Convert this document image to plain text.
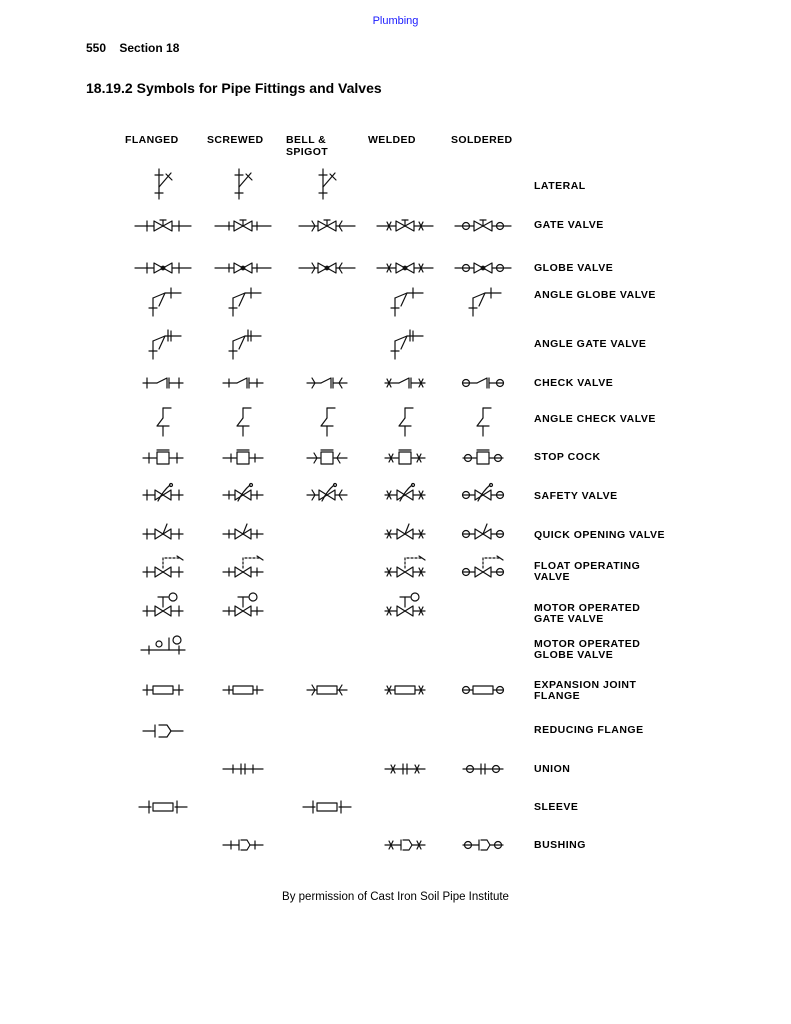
Plumbing
550 Section 18
18.19.2 Symbols for Pipe Fittings and Valves
FLANGED	SCREWED BELL &
SPIGOT
WELDED	SOLDERED
LATERAL
GATE VALVE
GLOBE VALVE
ANGLE GLOBE VALVE
ANGLE GATE VALVE
CHECK VALVE
ANGLE CHECK VALVE
STOP COCK
SAFETY VALVE
QUICK OPENING VALVE
FLOAT OPERATING
VALVE
MOTOR OPERATED
GATE VALVE
MOTOR OPERATED
GLOBE VALVE
EXPANSION JOINT
FLANGE
REDUCING FLANGE
UNION
SLEEVE
BUSHING
By permission of Cast Iron Soil Pipe Institute
